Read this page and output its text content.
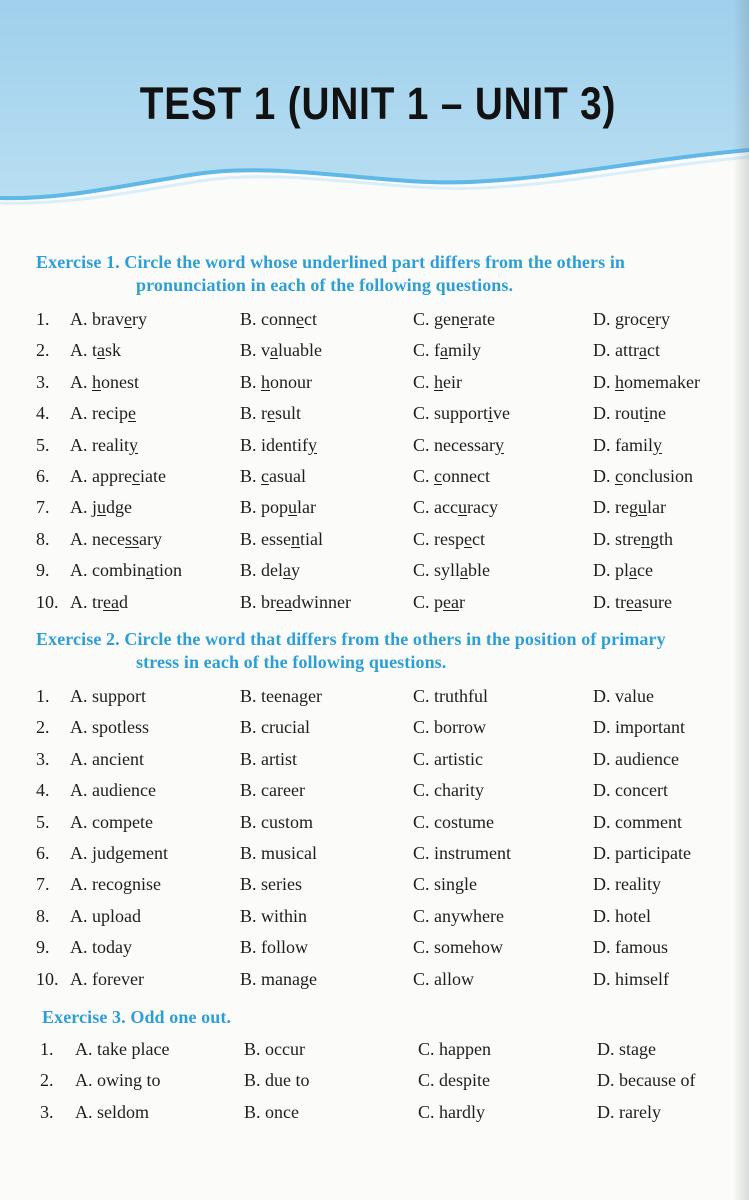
TEST 1 (UNIT 1 – UNIT 3)
Exercise 1. Circle the word whose underlined part differs from the others in
pronunciation in each of the following questions.
1. A. bravery	B. connect	C. generate	D. grocery
2. A. task	B. valuable	C. family	D. attract
3. A. honest	B. honour	C. heir	D. homemaker
4. A. recipe	B. result	C. supportive	D. routine
5. A. reality	B. identify	C. necessary	D. family
6. A. appreciate	B. casual	C. connect	D. conclusion
7. A. judge	B. popular	C. accuracy	D. regular
8. A. necessary	B. essential	C. respect	D. strength
9. A. combination	B. delay	C. syllable	D. place
10. A. tread	B. breadwinner	C. pear	D. treasure
Exercise 2. Circle the word that differs from the others in the position of primary
stress in each of the following questions.
1. A. support	B. teenager	C. truthful	D. value
2. A. spotless	B. crucial	C. borrow	D. important
3. A. ancient	B. artist	C. artistic	D. audience
4. A. audience	B. career	C. charity	D. concert
5. A. compete	B. custom	C. costume	D. comment
6. A. judgement	B. musical	C. instrument	D. participate
7. A. recognise	B. series	C. single	D. reality
8. A. upload	B. within	C. anywhere	D. hotel
9. A. today	B. follow	C. somehow	D. famous
10. A. forever	B. manage	C. allow	D. himself
Exercise 3. Odd one out.
1. A. take place	B. occur	C. happen	D. stage
2. A. owing to	B. due to	C. despite	D. because of
3. A. seldom	B. once	C. hardly	D. rarely
